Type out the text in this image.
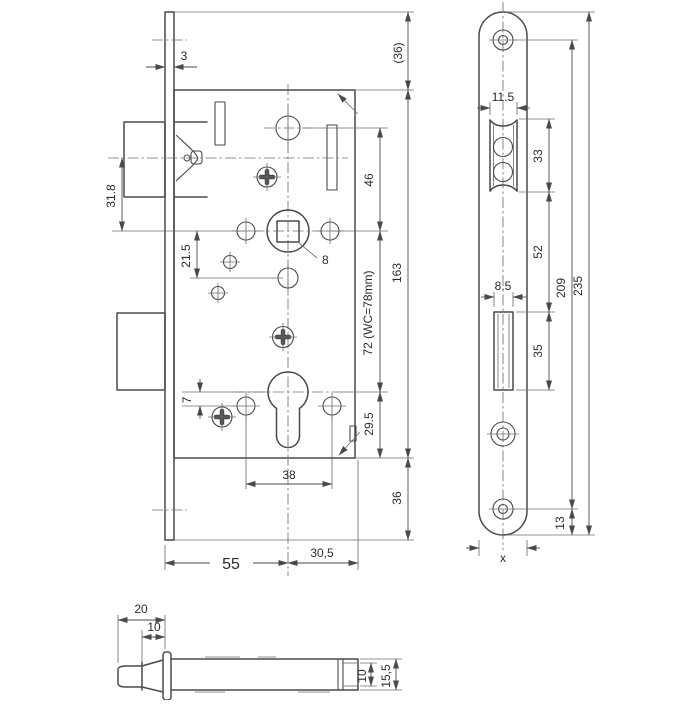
3	(36)
163
36
31.8
46
21.5	8
72 (WC=78mm)
29.5
7
38
55
30,5
11.5
33
52
8.5
35
209 235
13
x
20
10
10 15,5
